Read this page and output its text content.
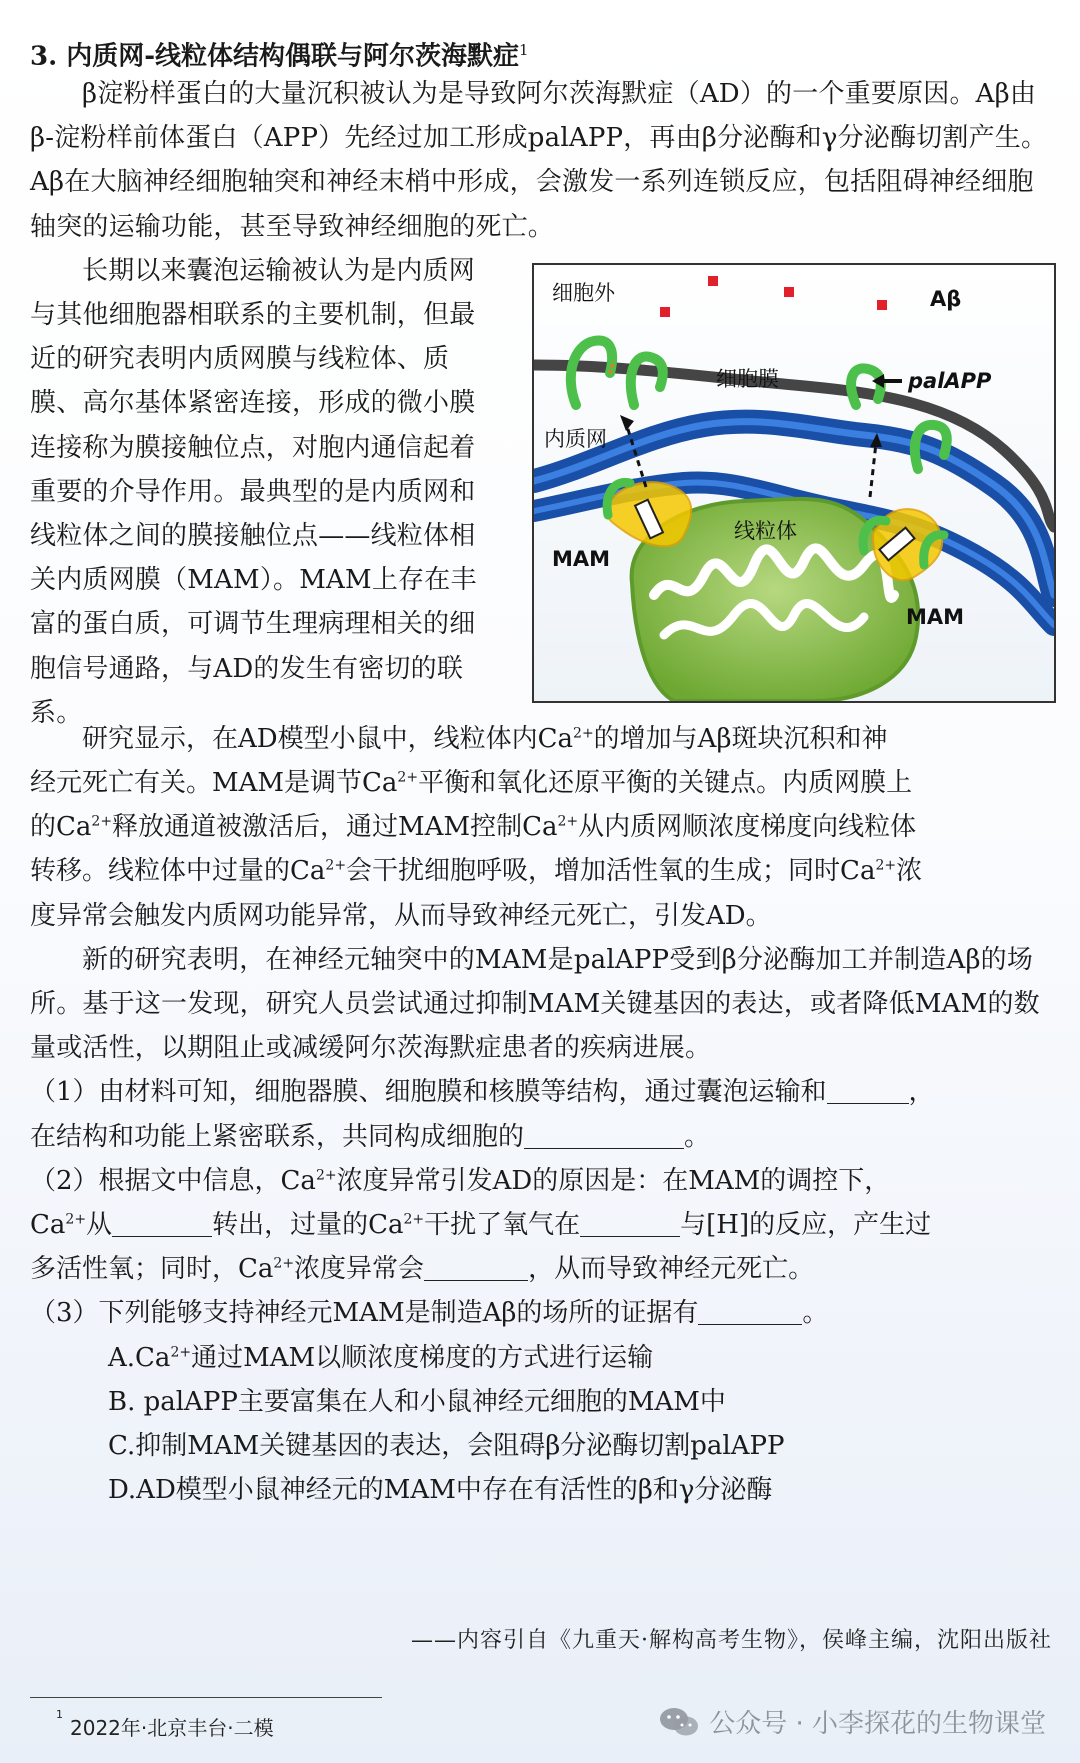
3. 内质网-线粒体结构偶联与阿尔茨海默症$^1$

β淀粉样蛋白的大量沉积被认为是导致阿尔茨海默症（AD）的一个重要原因。Aβ由β-淀粉样前体蛋白（APP）先经过加工形成palAPP，再由β分泌酶和γ分泌酶切割产生。Aβ在大脑神经细胞轴突和神经末梢中形成，会激发一系列连锁反应，包括阻碍神经细胞轴突的运输功能，甚至导致神经细胞的死亡。

长期以来囊泡运输被认为是内质网与其他细胞器相联系的主要机制，但最近的研究表明内质网膜与线粒体、质膜、高尔基体紧密连接，形成的微小膜连接称为膜接触位点，对胞内通信起着重要的介导作用。最典型的是内质网和线粒体之间的膜接触位点——线粒体相关内质网膜（MAM）。MAM上存在丰富的蛋白质，可调节生理病理相关的细胞信号通路，与AD的发生有密切的联系。

细胞外	Aβ
细胞膜	palAPP
内质网
线粒体
MAM
MAM

研究显示，在AD模型小鼠中，线粒体内$Ca^{2+}$的增加与Aβ斑块沉积和神

经元死亡有关。MAM是调节$Ca^{2+}$平衡和氧化还原平衡的关键点。内质网膜上

的$Ca^{2+}$释放通道被激活后，通过MAM控制$Ca^{2+}$从内质网顺浓度梯度向线粒体

转移。线粒体中过量的$Ca^{2+}$会干扰细胞呼吸，增加活性氧的生成；同时$Ca^{2+}$浓

度异常会触发内质网功能异常，从而导致神经元死亡，引发AD。

新的研究表明，在神经元轴突中的MAM是palAPP受到β分泌酶加工并制造Aβ的场所。基于这一发现，研究人员尝试通过抑制MAM关键基因的表达，或者降低MAM的数量或活性，以期阻止或减缓阿尔茨海默症患者的疾病进展。

（1）由材料可知，细胞器膜、细胞膜和核膜等结构，通过囊泡运输和	，

在结构和功能上紧密联系，共同构成细胞的	。

（2）根据文中信息，$Ca^{2+}$浓度异常引发AD的原因是：在MAM的调控下，

$Ca^{2+}$从	转出，过量的$Ca^{2+}$干扰了氧气在	与[H]的反应，产生过

多活性氧；同时，$Ca^{2+}$浓度异常会	，从而导致神经元死亡。

（3）下列能够支持神经元MAM是制造Aβ的场所的证据有	。

$A.Ca^{2+}$通过MAM以顺浓度梯度的方式进行运输

B. palAPP主要富集在人和小鼠神经元细胞的MAM中

C.抑制MAM关键基因的表达，会阻碍β分泌酶切割palAPP

D.AD模型小鼠神经元的MAM中存在有活性的β和γ分泌酶

——内容引自《九重天·解构高考生物》，侯峰主编，沈阳出版社
1
2022年·北京丰台·二模	公众号 · 小李探花的生物课堂
